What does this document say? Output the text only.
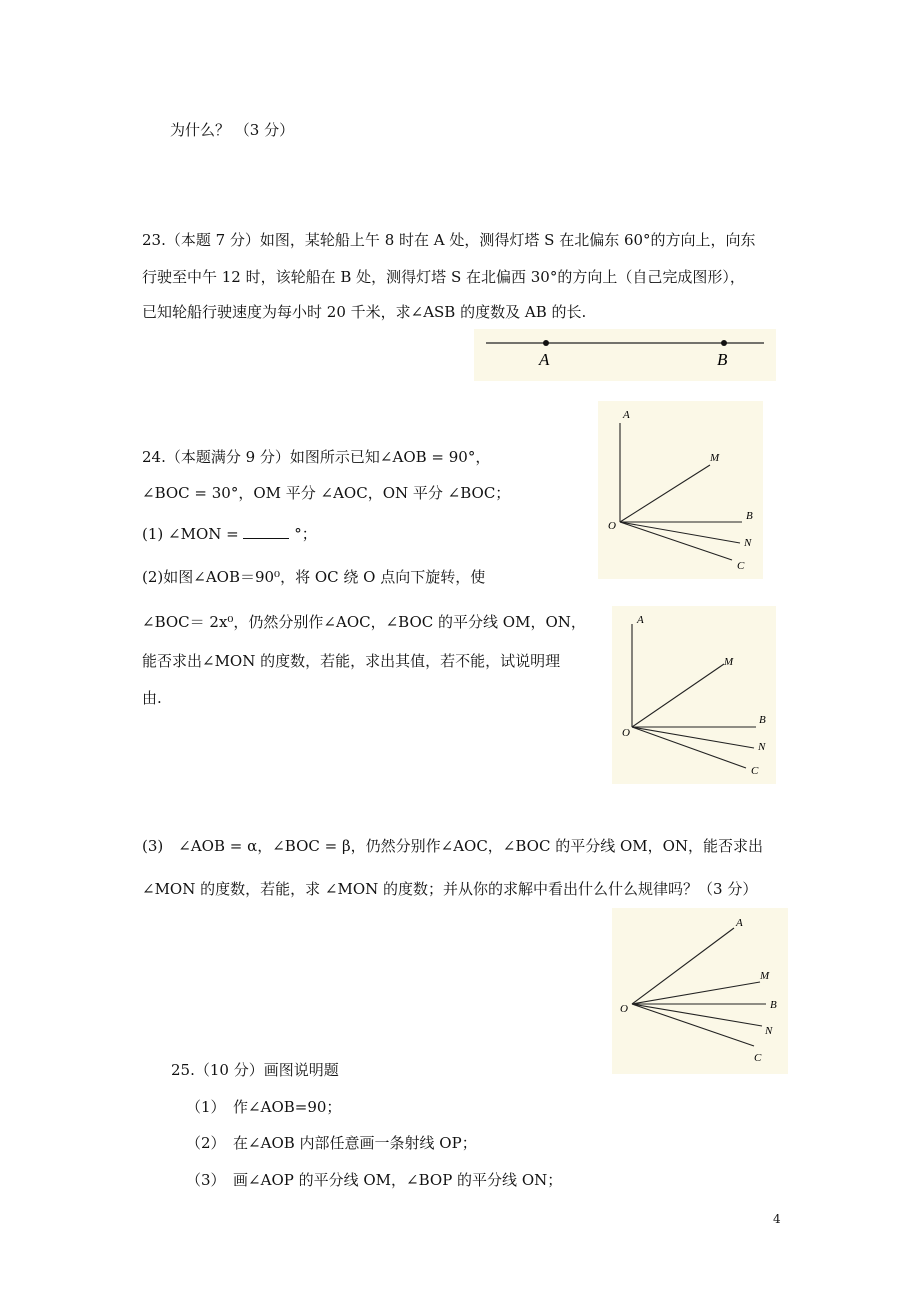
为什么？ （3 分）
23.（本题 7 分）如图，某轮船上午 8 时在 A 处，测得灯塔 S 在北偏东 60°的方向上，向东
行驶至中午 12 时，该轮船在 B 处，测得灯塔 S 在北偏西 30°的方向上（自己完成图形），
已知轮船行驶速度为每小时 20 千米，求∠ASB 的度数及 AB 的长.
A	B
A
M
B
N
C
O
24.（本题满分 9 分）如图所示已知∠AOB = 90°，
∠BOC = 30°，OM 平分 ∠AOC，ON 平分 ∠BOC；
(1) ∠MON =	°；
(2)如图∠AOB＝90⁰，将 OC 绕 O 点向下旋转，使
∠BOC＝ 2x⁰，仍然分别作∠AOC，∠BOC 的平分线 OM，ON，
能否求出∠MON 的度数，若能，求出其值，若不能，试说明理
由.
A
M
B
N
C
O
(3)　∠AOB = α，∠BOC = β，仍然分别作∠AOC，∠BOC 的平分线 OM，ON，能否求出
∠MON 的度数，若能，求 ∠MON 的度数；并从你的求解中看出什么什么规律吗？（3 分）
A
M
B
N
C
O
25.（10 分）画图说明题
（1）　作∠AOB=90；
（2）　在∠AOB 内部任意画一条射线 OP；
（3）　画∠AOP 的平分线 OM，∠BOP 的平分线 ON；
4
